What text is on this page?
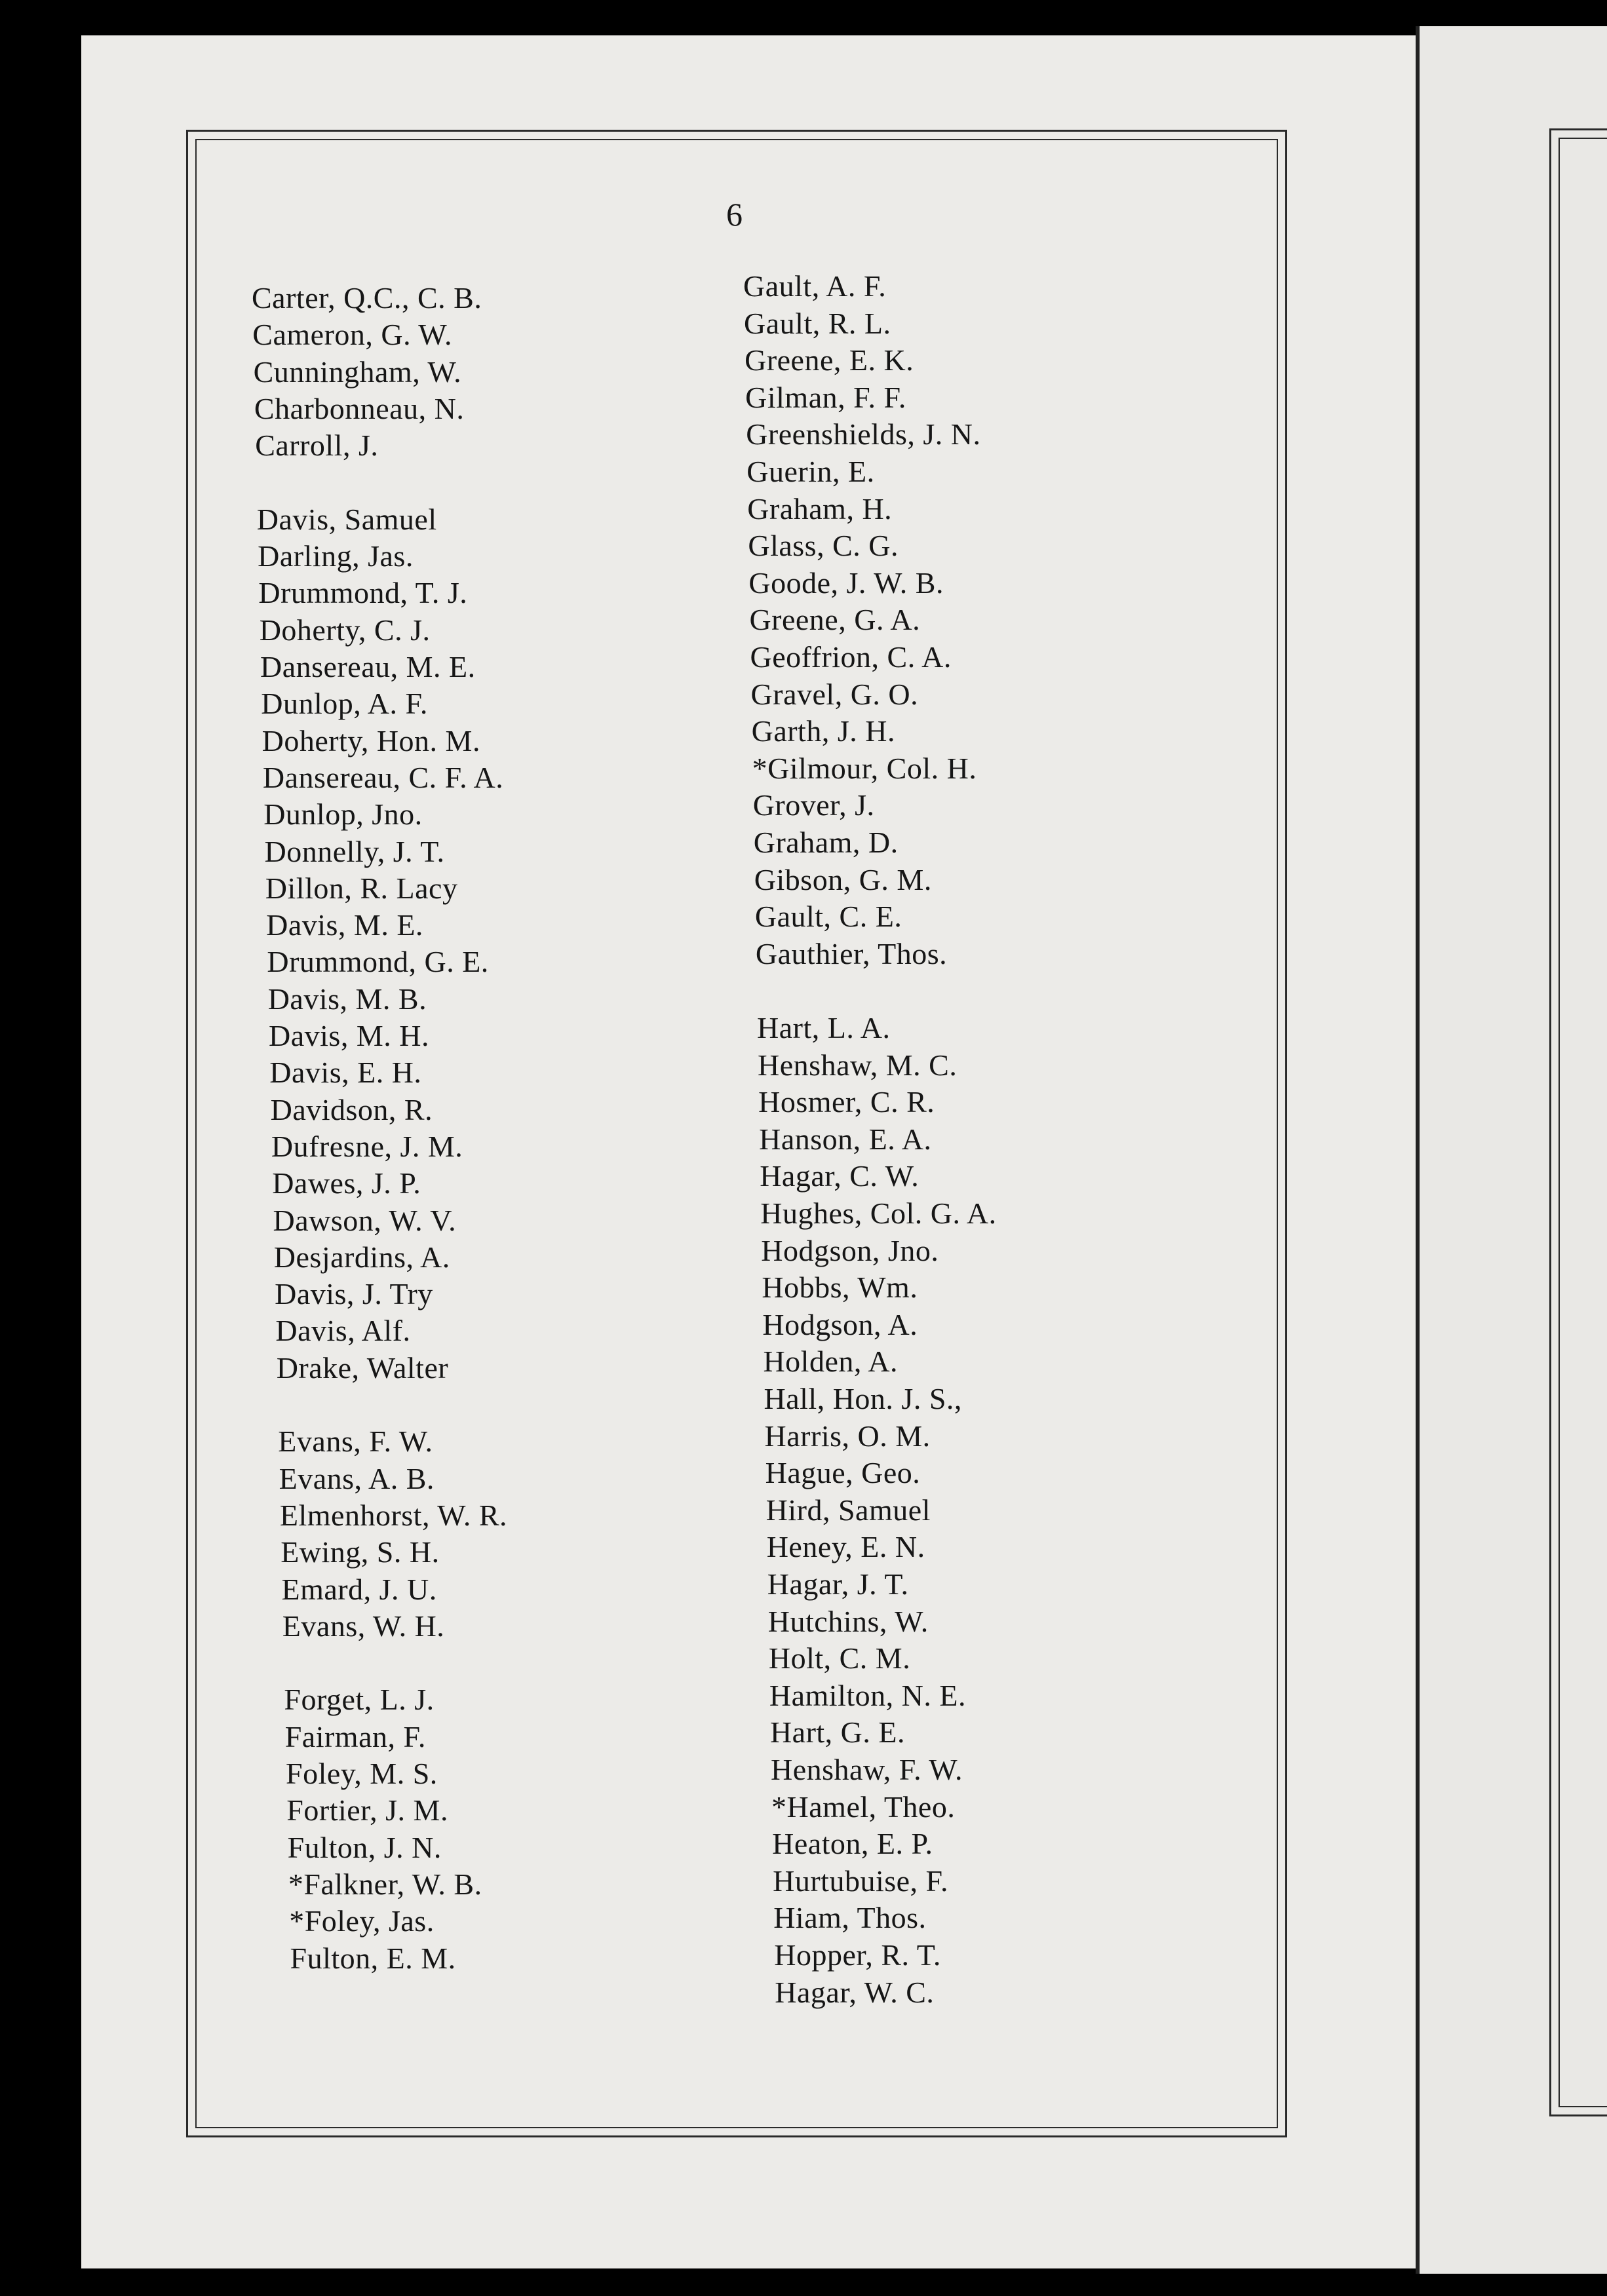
6
Carter, Q.C., C. B.
Cameron, G. W.
Cunningham, W.
Charbonneau, N.
Carroll, J.
Davis, Samuel
Darling, Jas.
Drummond, T. J.
Doherty, C. J.
Dansereau, M. E.
Dunlop, A. F.
Doherty, Hon. M.
Dansereau, C. F. A.
Dunlop, Jno.
Donnelly, J. T.
Dillon, R. Lacy
Davis, M. E.
Drummond, G. E.
Davis, M. B.
Davis, M. H.
Davis, E. H.
Davidson, R.
Dufresne, J. M.
Dawes, J. P.
Dawson, W. V.
Desjardins, A.
Davis, J. Try
Davis, Alf.
Drake, Walter
Evans, F. W.
Evans, A. B.
Elmenhorst, W. R.
Ewing, S. H.
Emard, J. U.
Evans, W. H.
Forget, L. J.
Fairman, F.
Foley, M. S.
Fortier, J. M.
Fulton, J. N.
*Falkner, W. B.
*Foley, Jas.
Fulton, E. M.
Gault, A. F.
Gault, R. L.
Greene, E. K.
Gilman, F. F.
Greenshields, J. N.
Guerin, E.
Graham, H.
Glass, C. G.
Goode, J. W. B.
Greene, G. A.
Geoffrion, C. A.
Gravel, G. O.
Garth, J. H.
*Gilmour, Col. H.
Grover, J.
Graham, D.
Gibson, G. M.
Gault, C. E.
Gauthier, Thos.
Hart, L. A.
Henshaw, M. C.
Hosmer, C. R.
Hanson, E. A.
Hagar, C. W.
Hughes, Col. G. A.
Hodgson, Jno.
Hobbs, Wm.
Hodgson, A.
Holden, A.
Hall, Hon. J. S.,
Harris, O. M.
Hague, Geo.
Hird, Samuel
Heney, E. N.
Hagar, J. T.
Hutchins, W.
Holt, C. M.
Hamilton, N. E.
Hart, G. E.
Henshaw, F. W.
*Hamel, Theo.
Heaton, E. P.
Hurtubuise, F.
Hiam, Thos.
Hopper, R. T.
Hagar, W. C.
